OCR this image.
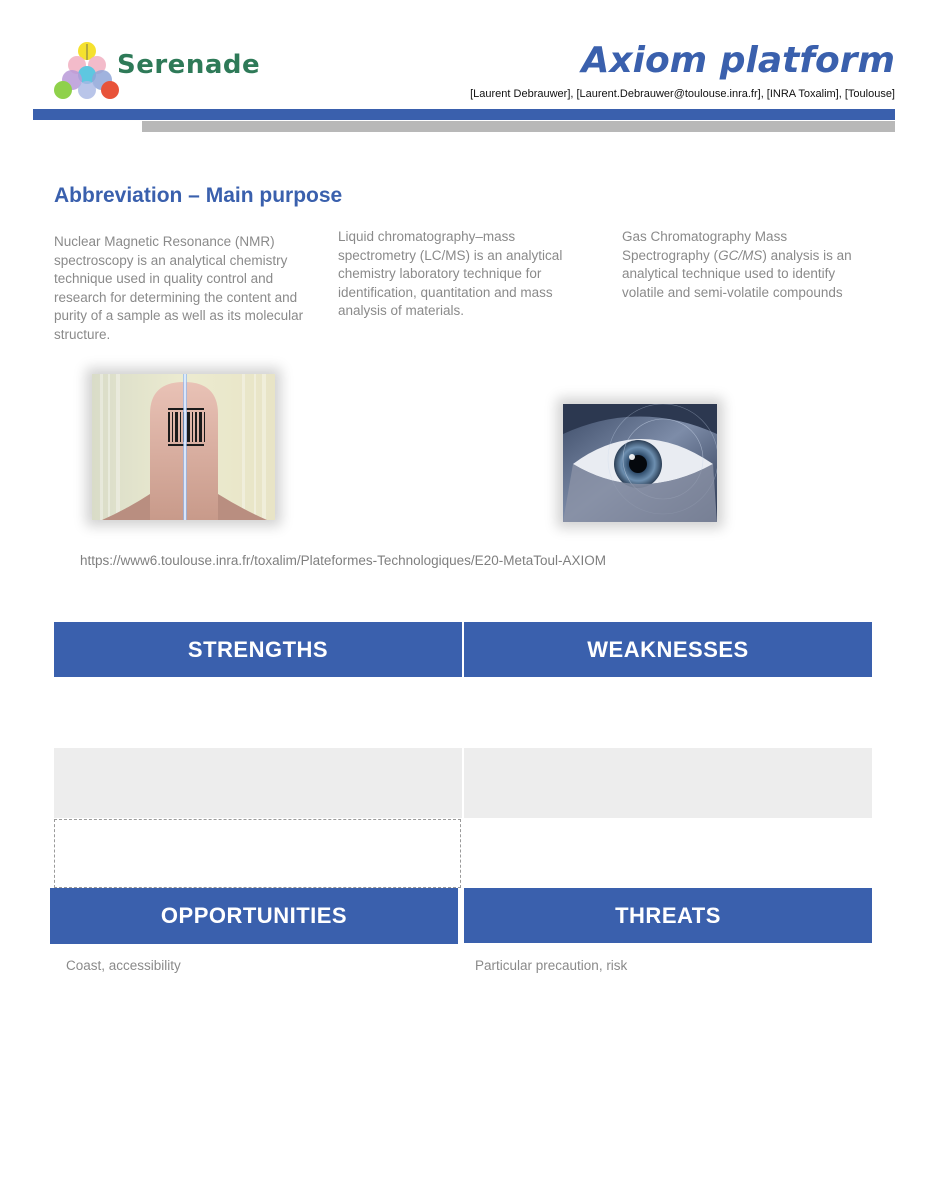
Serenade	Axiom platform
[Laurent Debrauwer], [Laurent.Debrauwer@toulouse.inra.fr], [INRA Toxalim], [Toulouse]
Abbreviation – Main purpose
Nuclear Magnetic Resonance (NMR) spectroscopy is an analytical chemistry technique used in quality control and research for determining the content and purity of a sample as well as its molecular structure.
Liquid chromatography–mass spectrometry (LC/MS) is an analytical chemistry laboratory technique for identification, quantitation and mass analysis of materials.
Gas Chromatography Mass Spectrography (GC/MS) analysis is an analytical technique used to identify volatile and semi-volatile compounds
https://www6.toulouse.inra.fr/toxalim/Plateformes-Technologiques/E20-MetaToul-AXIOM
STRENGTHS	WEAKNESSES
OPPORTUNITIES	THREATS
Coast, accessibility	Particular precaution, risk
